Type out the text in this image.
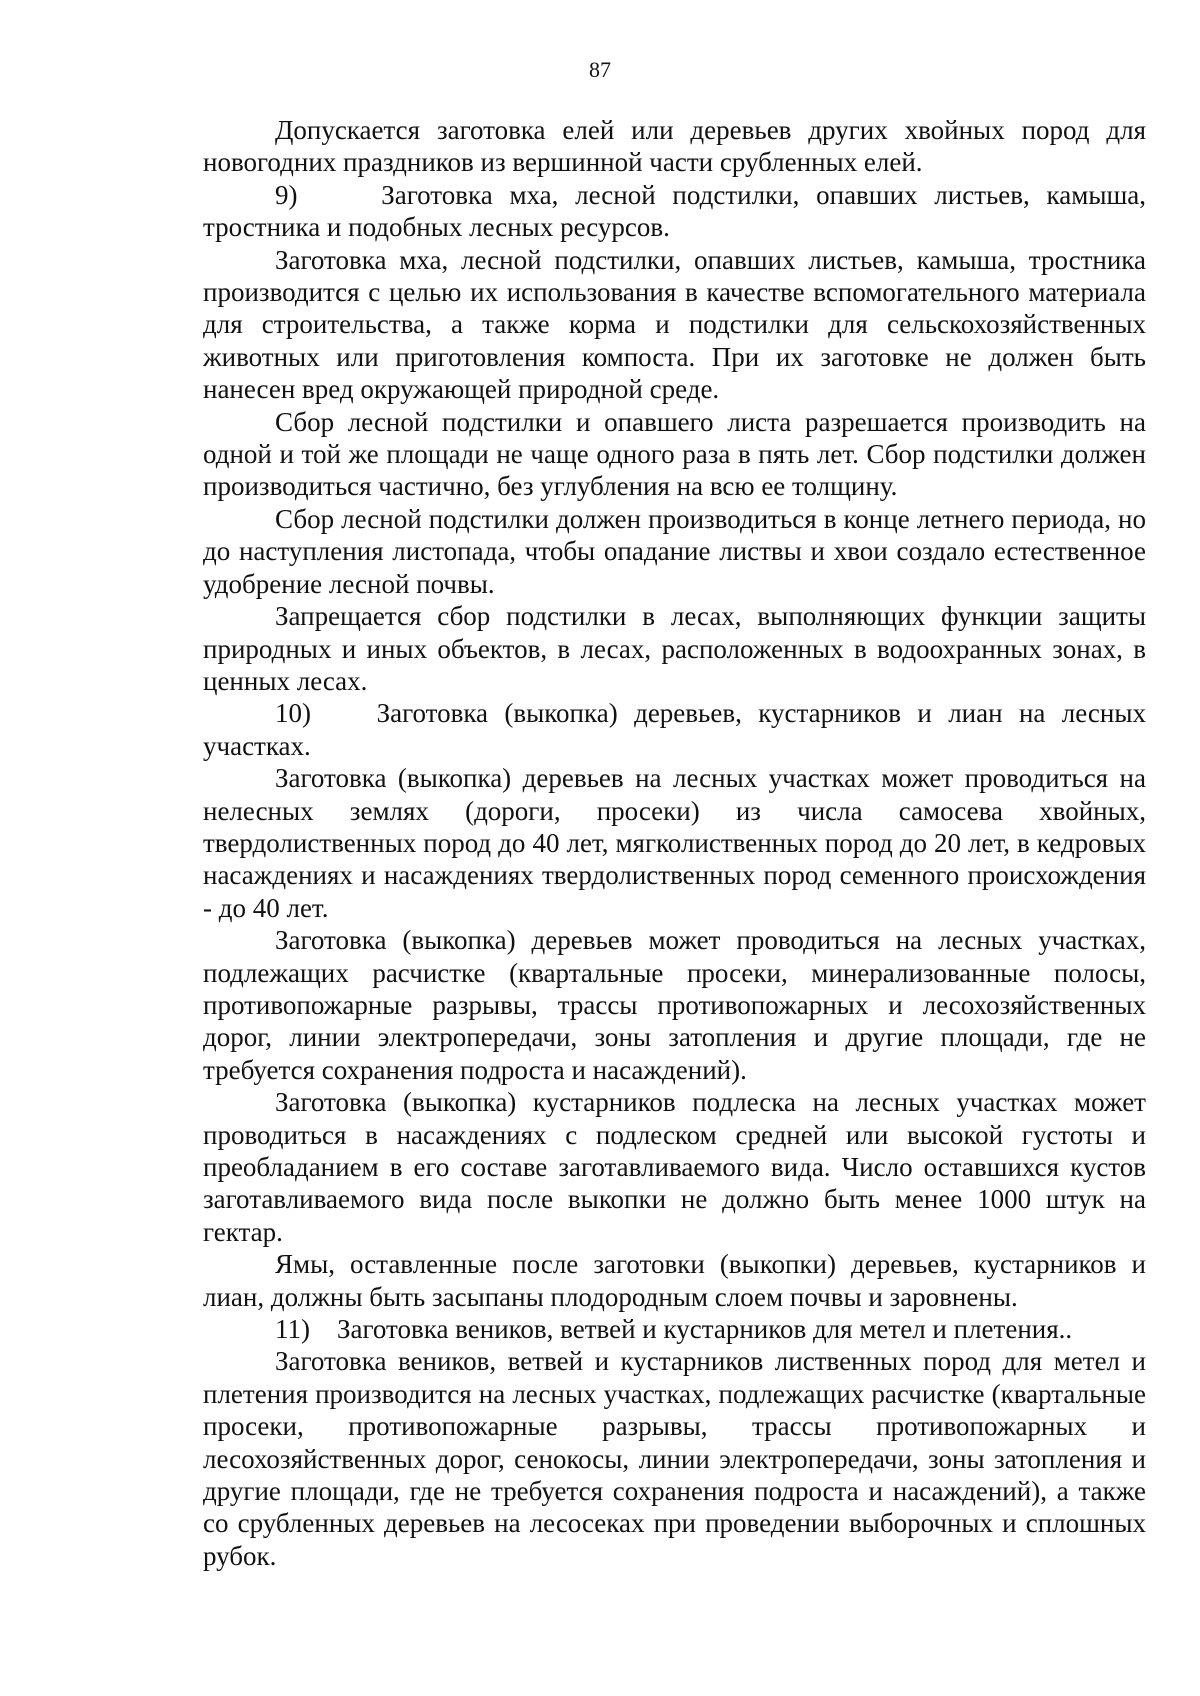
87

Допускается заготовка елей или деревьев других хвойных пород для новогодних праздников из вершинной части срубленных елей.

9)     Заготовка мха, лесной подстилки, опавших листьев, камыша, тростника и подобных лесных ресурсов.

Заготовка мха, лесной подстилки, опавших листьев, камыша, тростника производится с целью их использования в качестве вспомогательного материала для строительства, а также корма и подстилки для сельскохозяйственных животных или приготовления компоста. При их заготовке не должен быть нанесен вред окружающей природной среде.

Сбор лесной подстилки и опавшего листа разрешается производить на одной и той же площади не чаще одного раза в пять лет. Сбор подстилки должен производиться частично, без углубления на всю ее толщину.

Сбор лесной подстилки должен производиться в конце летнего периода, но до наступления листопада, чтобы опадание листвы и хвои создало естественное удобрение лесной почвы.

Запрещается сбор подстилки в лесах, выполняющих функции защиты природных и иных объектов, в лесах, расположенных в водоохранных зонах, в ценных лесах.

10)    Заготовка (выкопка) деревьев, кустарников и лиан на лесных участках.

Заготовка (выкопка) деревьев на лесных участках может проводиться на нелесных землях (дороги, просеки) из числа самосева хвойных, твердолиственных пород до 40 лет, мягколиственных пород до 20 лет, в кедровых насаждениях и насаждениях твердолиственных пород семенного происхождения - до 40 лет.

Заготовка (выкопка) деревьев может проводиться на лесных участках, подлежащих расчистке (квартальные просеки, минерализованные полосы, противопожарные разрывы, трассы противопожарных и лесохозяйственных дорог, линии электропередачи, зоны затопления и другие площади, где не требуется сохранения подроста и насаждений).

Заготовка (выкопка) кустарников подлеска на лесных участках может проводиться в насаждениях с подлеском средней или высокой густоты и преобладанием в его составе заготавливаемого вида. Число оставшихся кустов заготавливаемого вида после выкопки не должно быть менее 1000 штук на гектар.

Ямы, оставленные после заготовки (выкопки) деревьев, кустарников и лиан, должны быть засыпаны плодородным слоем почвы и заровнены.

11)    Заготовка веников, ветвей и кустарников для метел и плетения..

Заготовка веников, ветвей и кустарников лиственных пород для метел и плетения производится на лесных участках, подлежащих расчистке (квартальные просеки, противопожарные разрывы, трассы противопожарных и лесохозяйственных дорог, сенокосы, линии электропередачи, зоны затопления и другие площади, где не требуется сохранения подроста и насаждений), а также со срубленных деревьев на лесосеках при проведении выборочных и сплошных рубок.
